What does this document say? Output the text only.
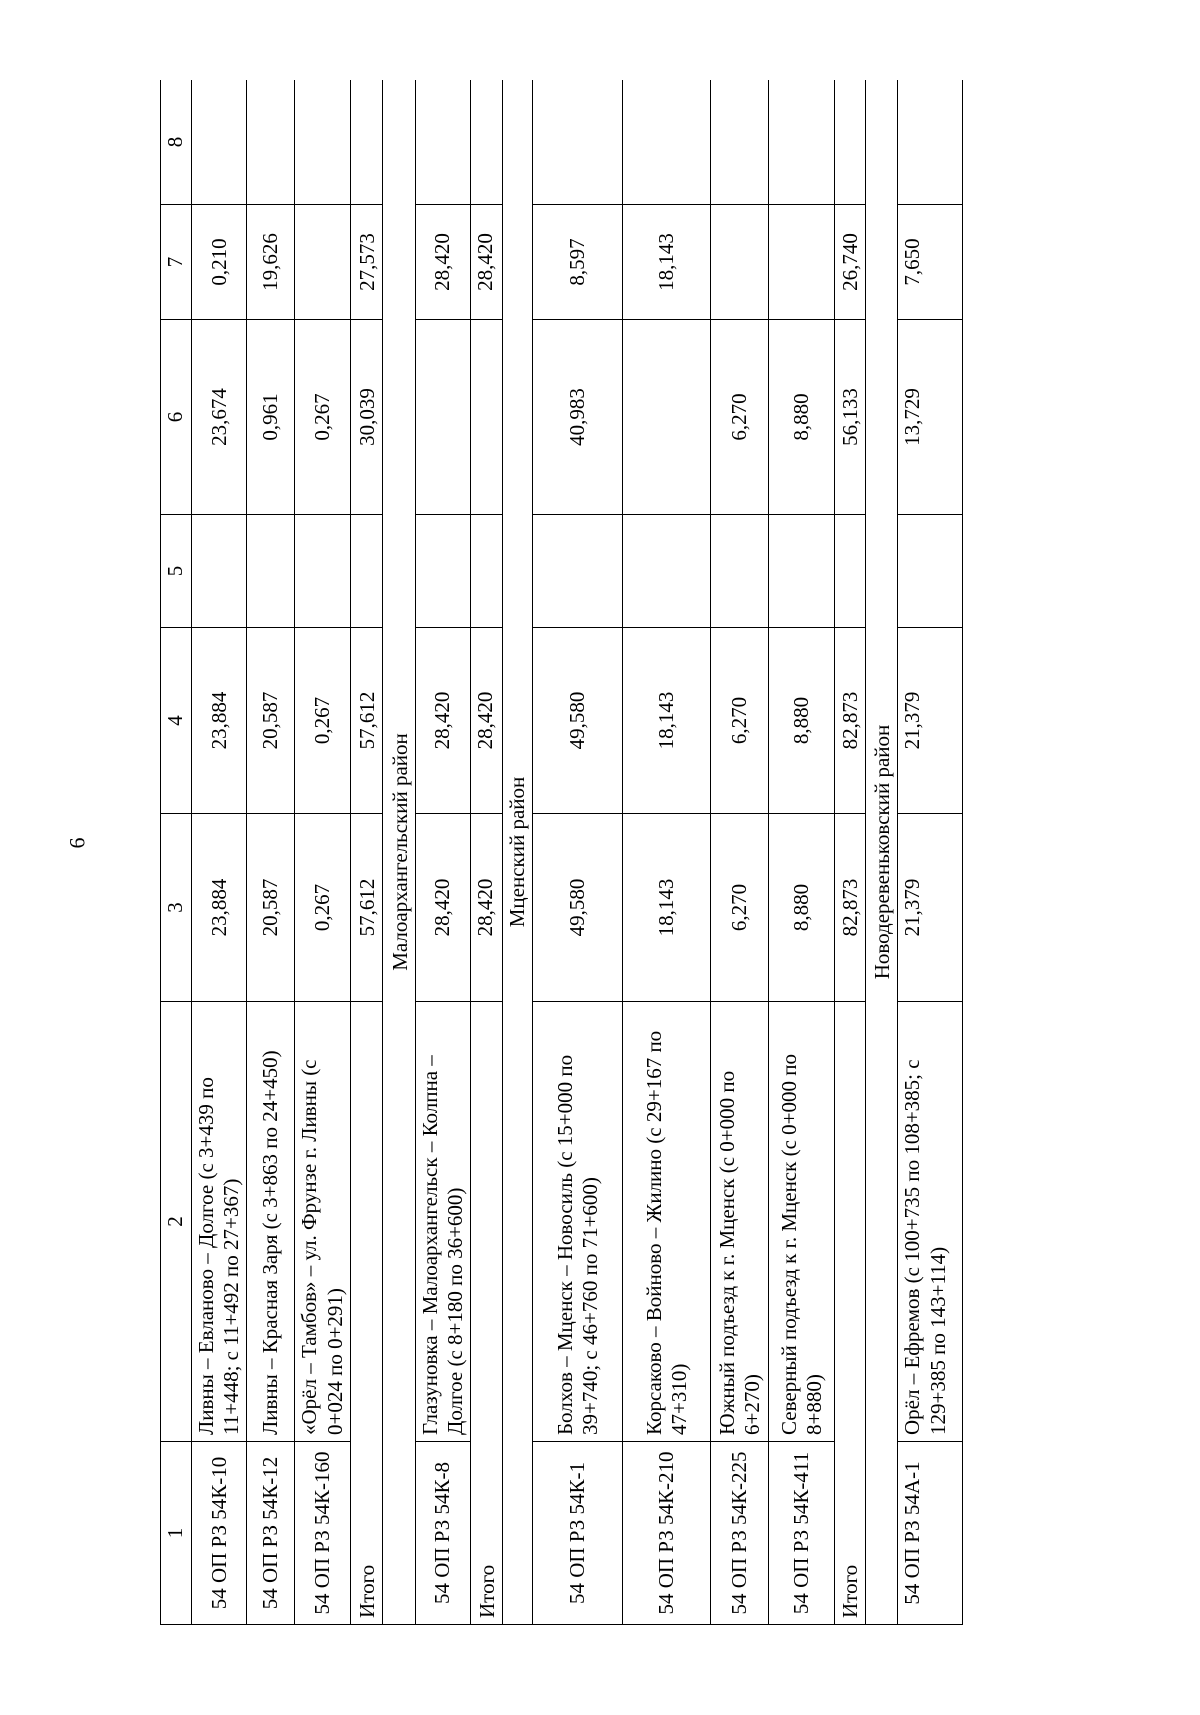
6
1	2	3	4	5	6	7	8
54 ОП РЗ 54К-10	Ливны – Евланово – Долгое (с 3+439 по 11+448; с 11+492 по 27+367)	23,884	23,884		23,674	0,210	
54 ОП РЗ 54К-12	Ливны – Красная Заря (с 3+863 по 24+450)	20,587	20,587		0,961	19,626	
54 ОП РЗ 54К-160	«Орёл – Тамбов» – ул. Фрунзе г. Ливны (с 0+024 по 0+291)	0,267	0,267		0,267		
Итого		57,612	57,612		30,039	27,573	
Малоархангельский район							
54 ОП РЗ 54К-8	Глазуновка – Малоархангельск – Колпна – Долгое (с 8+180 по 36+600)	28,420	28,420			28,420	
Итого		28,420	28,420			28,420	
Мценский район							
54 ОП РЗ 54К-1	Болхов – Мценск – Новосиль (с 15+000 по 39+740; с 46+760 по 71+600)	49,580	49,580		40,983	8,597	
54 ОП РЗ 54К-210	Корсаково – Войново – Жилино (с 29+167 по 47+310)	18,143	18,143			18,143	
54 ОП РЗ 54К-225	Южный подъезд к г. Мценск (с 0+000 по 6+270)	6,270	6,270		6,270		
54 ОП РЗ 54К-411	Северный подъезд к г. Мценск (с 0+000 по 8+880)	8,880	8,880		8,880		
Итого		82,873	82,873		56,133	26,740	
Новодеревеньковский район							
54 ОП РЗ 54А-1	Орёл – Ефремов (с 100+735 по 108+385; с 129+385 по 143+114)	21,379	21,379		13,729	7,650	
